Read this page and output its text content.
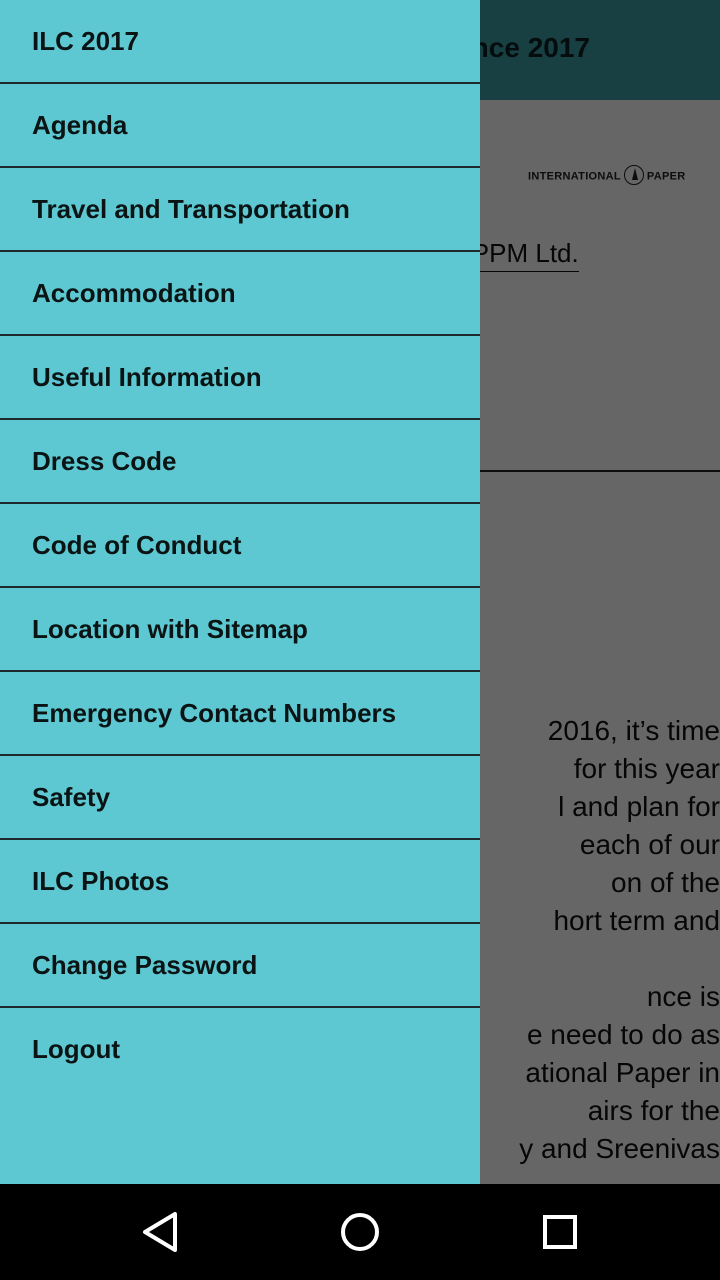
ILC 2017
Agenda
Travel and Transportation
Accommodation
Useful Information
Dress Code
Code of Conduct
Location with Sitemap
Emergency Contact Numbers
Safety
ILC Photos
Change Password
Logout
